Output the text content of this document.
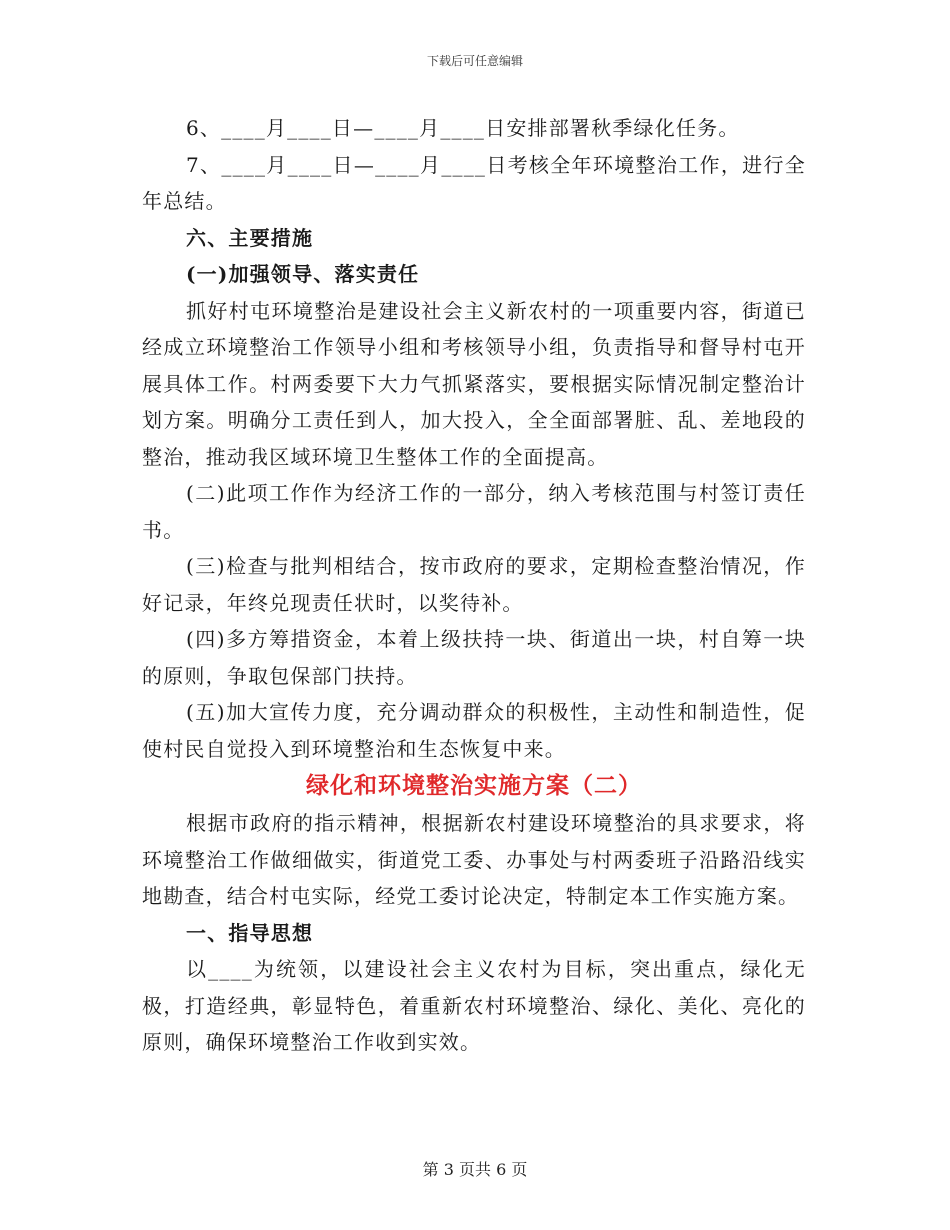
下载后可任意编辑

6、____月____日—____月____日安排部署秋季绿化任务。

7、____月____日—____月____日考核全年环境整治工作，进行全年总结。

六、主要措施

(一)加强领导、落实责任

抓好村屯环境整治是建设社会主义新农村的一项重要内容，街道已经成立环境整治工作领导小组和考核领导小组，负责指导和督导村屯开展具体工作。村两委要下大力气抓紧落实，要根据实际情况制定整治计划方案。明确分工责任到人，加大投入，全全面部署脏、乱、差地段的整治，推动我区域环境卫生整体工作的全面提高。

(二)此项工作作为经济工作的一部分，纳入考核范围与村签订责任书。

(三)检查与批判相结合，按市政府的要求，定期检查整治情况，作好记录，年终兑现责任状时，以奖待补。

(四)多方筹措资金，本着上级扶持一块、街道出一块，村自筹一块的原则，争取包保部门扶持。

(五)加大宣传力度，充分调动群众的积极性，主动性和制造性，促使村民自觉投入到环境整治和生态恢复中来。

绿化和环境整治实施方案（二）

根据市政府的指示精神，根据新农村建设环境整治的具求要求，将环境整治工作做细做实，街道党工委、办事处与村两委班子沿路沿线实地勘查，结合村屯实际，经党工委讨论决定，特制定本工作实施方案。

一、指导思想

以____为统领，以建设社会主义农村为目标，突出重点，绿化无极，打造经典，彰显特色，着重新农村环境整治、绿化、美化、亮化的原则，确保环境整治工作收到实效。

第 3 页共 6 页
